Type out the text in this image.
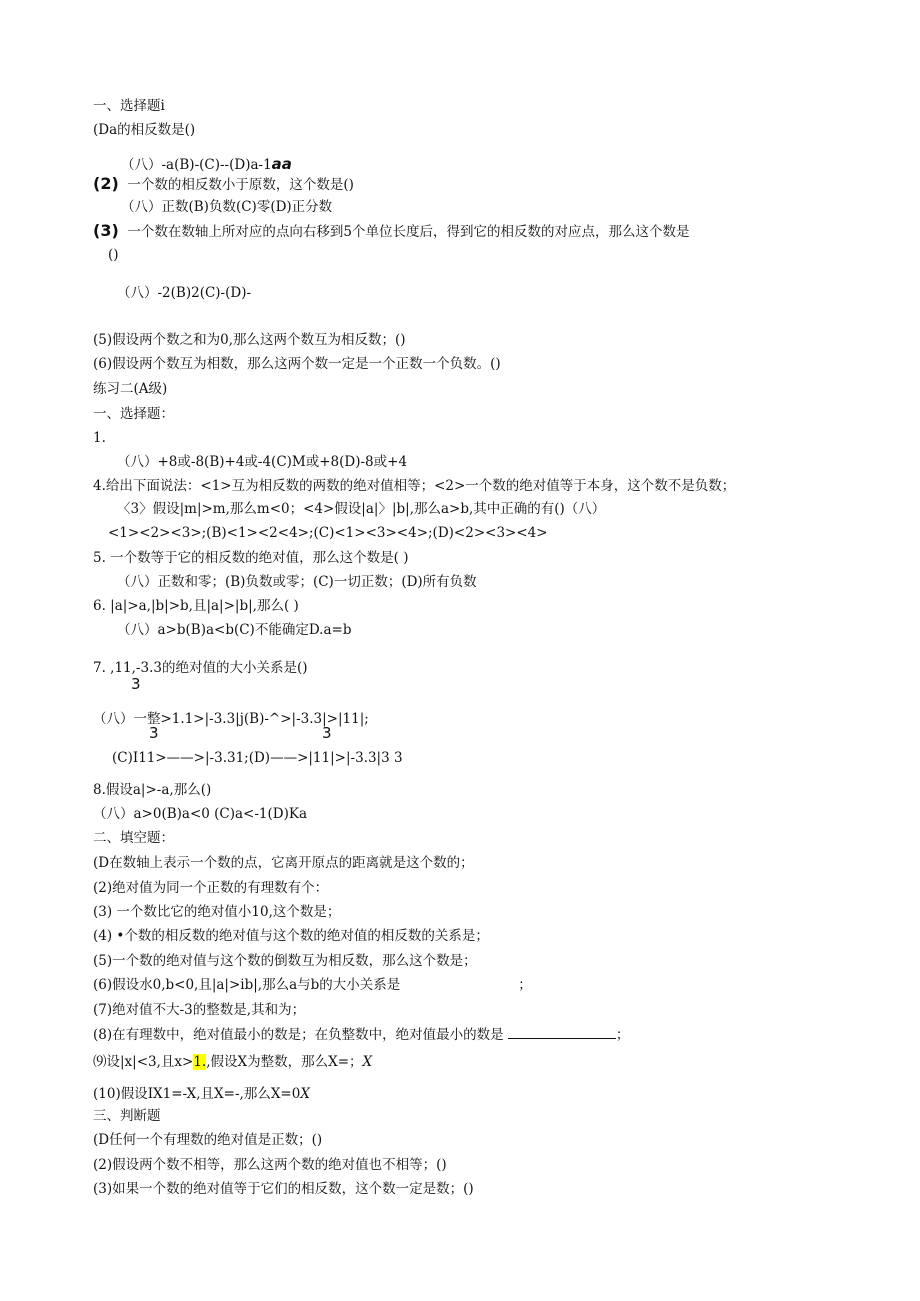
一、选择题i
(Da的相反数是()
（八）-a(B)-(C)--(D)a-1aa
(2) 一个数的相反数小于原数，这个数是()
（八）正数(B)负数(C)零(D)正分数
(3) 一个数在数轴上所对应的点向右移到5个单位长度后，得到它的相反数的对应点，那么这个数是
()
（八）-2(B)2(C)-(D)-
(5)假设两个数之和为0,那么这两个数互为相反数；()
(6)假设两个数互为相数，那么这两个数一定是一个正数一个负数。()
练习二(A级)
一、选择题：
1.
（八）+8或-8(B)+4或-4(C)M或+8(D)-8或+4
4.给出下面说法：<1>互为相反数的两数的绝对值相等；<2>一个数的绝对值等于本身，这个数不是负数；
〈3〉假设|m|>m,那么m<0；<4>假设|a|〉|b|,那么a>b,其中正确的有()（八）
<1><2><3>;(B)<1><2<4>;(C)<1><3><4>;(D)<2><3><4>
5. 一个数等于它的相反数的绝对值，那么这个数是( )
（八）正数和零；(B)负数或零；(C)一切正数；(D)所有负数
6. |a|>a,|b|>b,且|a|>|b|,那么( )
（八）a>b(B)a<b(C)不能确定D.a=b
7. ,11,-3.3的绝对值的大小关系是()
3
（八）一整>1.1>|-3.3|j(B)-^>|-3.3|>|11|;
3	3
(C)I11>——>|-3.31;(D)——>|11|>|-3.3|3 3
8.假设a|>-a,那么()
（八）a>0(B)a<0 (C)a<-1(D)Ka
二、填空题：
(D在数轴上表示一个数的点，它离开原点的距离就是这个数的；
(2)绝对值为同一个正数的有理数有个：
(3) 一个数比它的绝对值小10,这个数是；
(4) •个数的相反数的绝对值与这个数的绝对值的相反数的关系是；
(5)一个数的绝对值与这个数的倒数互为相反数，那么这个数是；
(6)假设水0,b<0,且|a|>ib|,那么a与b的大小关系是	；
(7)绝对值不大-3的整数是,其和为；
(8)在有理数中，绝对值最小的数是；在负整数中，绝对值最小的数是	；
⑼设|x|<3,且x>1.,假设X为整数，那么X=；X
(10)假设IX1=-X,且X=-,那么X=0X
三、判断题
(D任何一个有理数的绝对值是正数；()
(2)假设两个数不相等，那么这两个数的绝对值也不相等；()
(3)如果一个数的绝对值等于它们的相反数，这个数一定是数；()
